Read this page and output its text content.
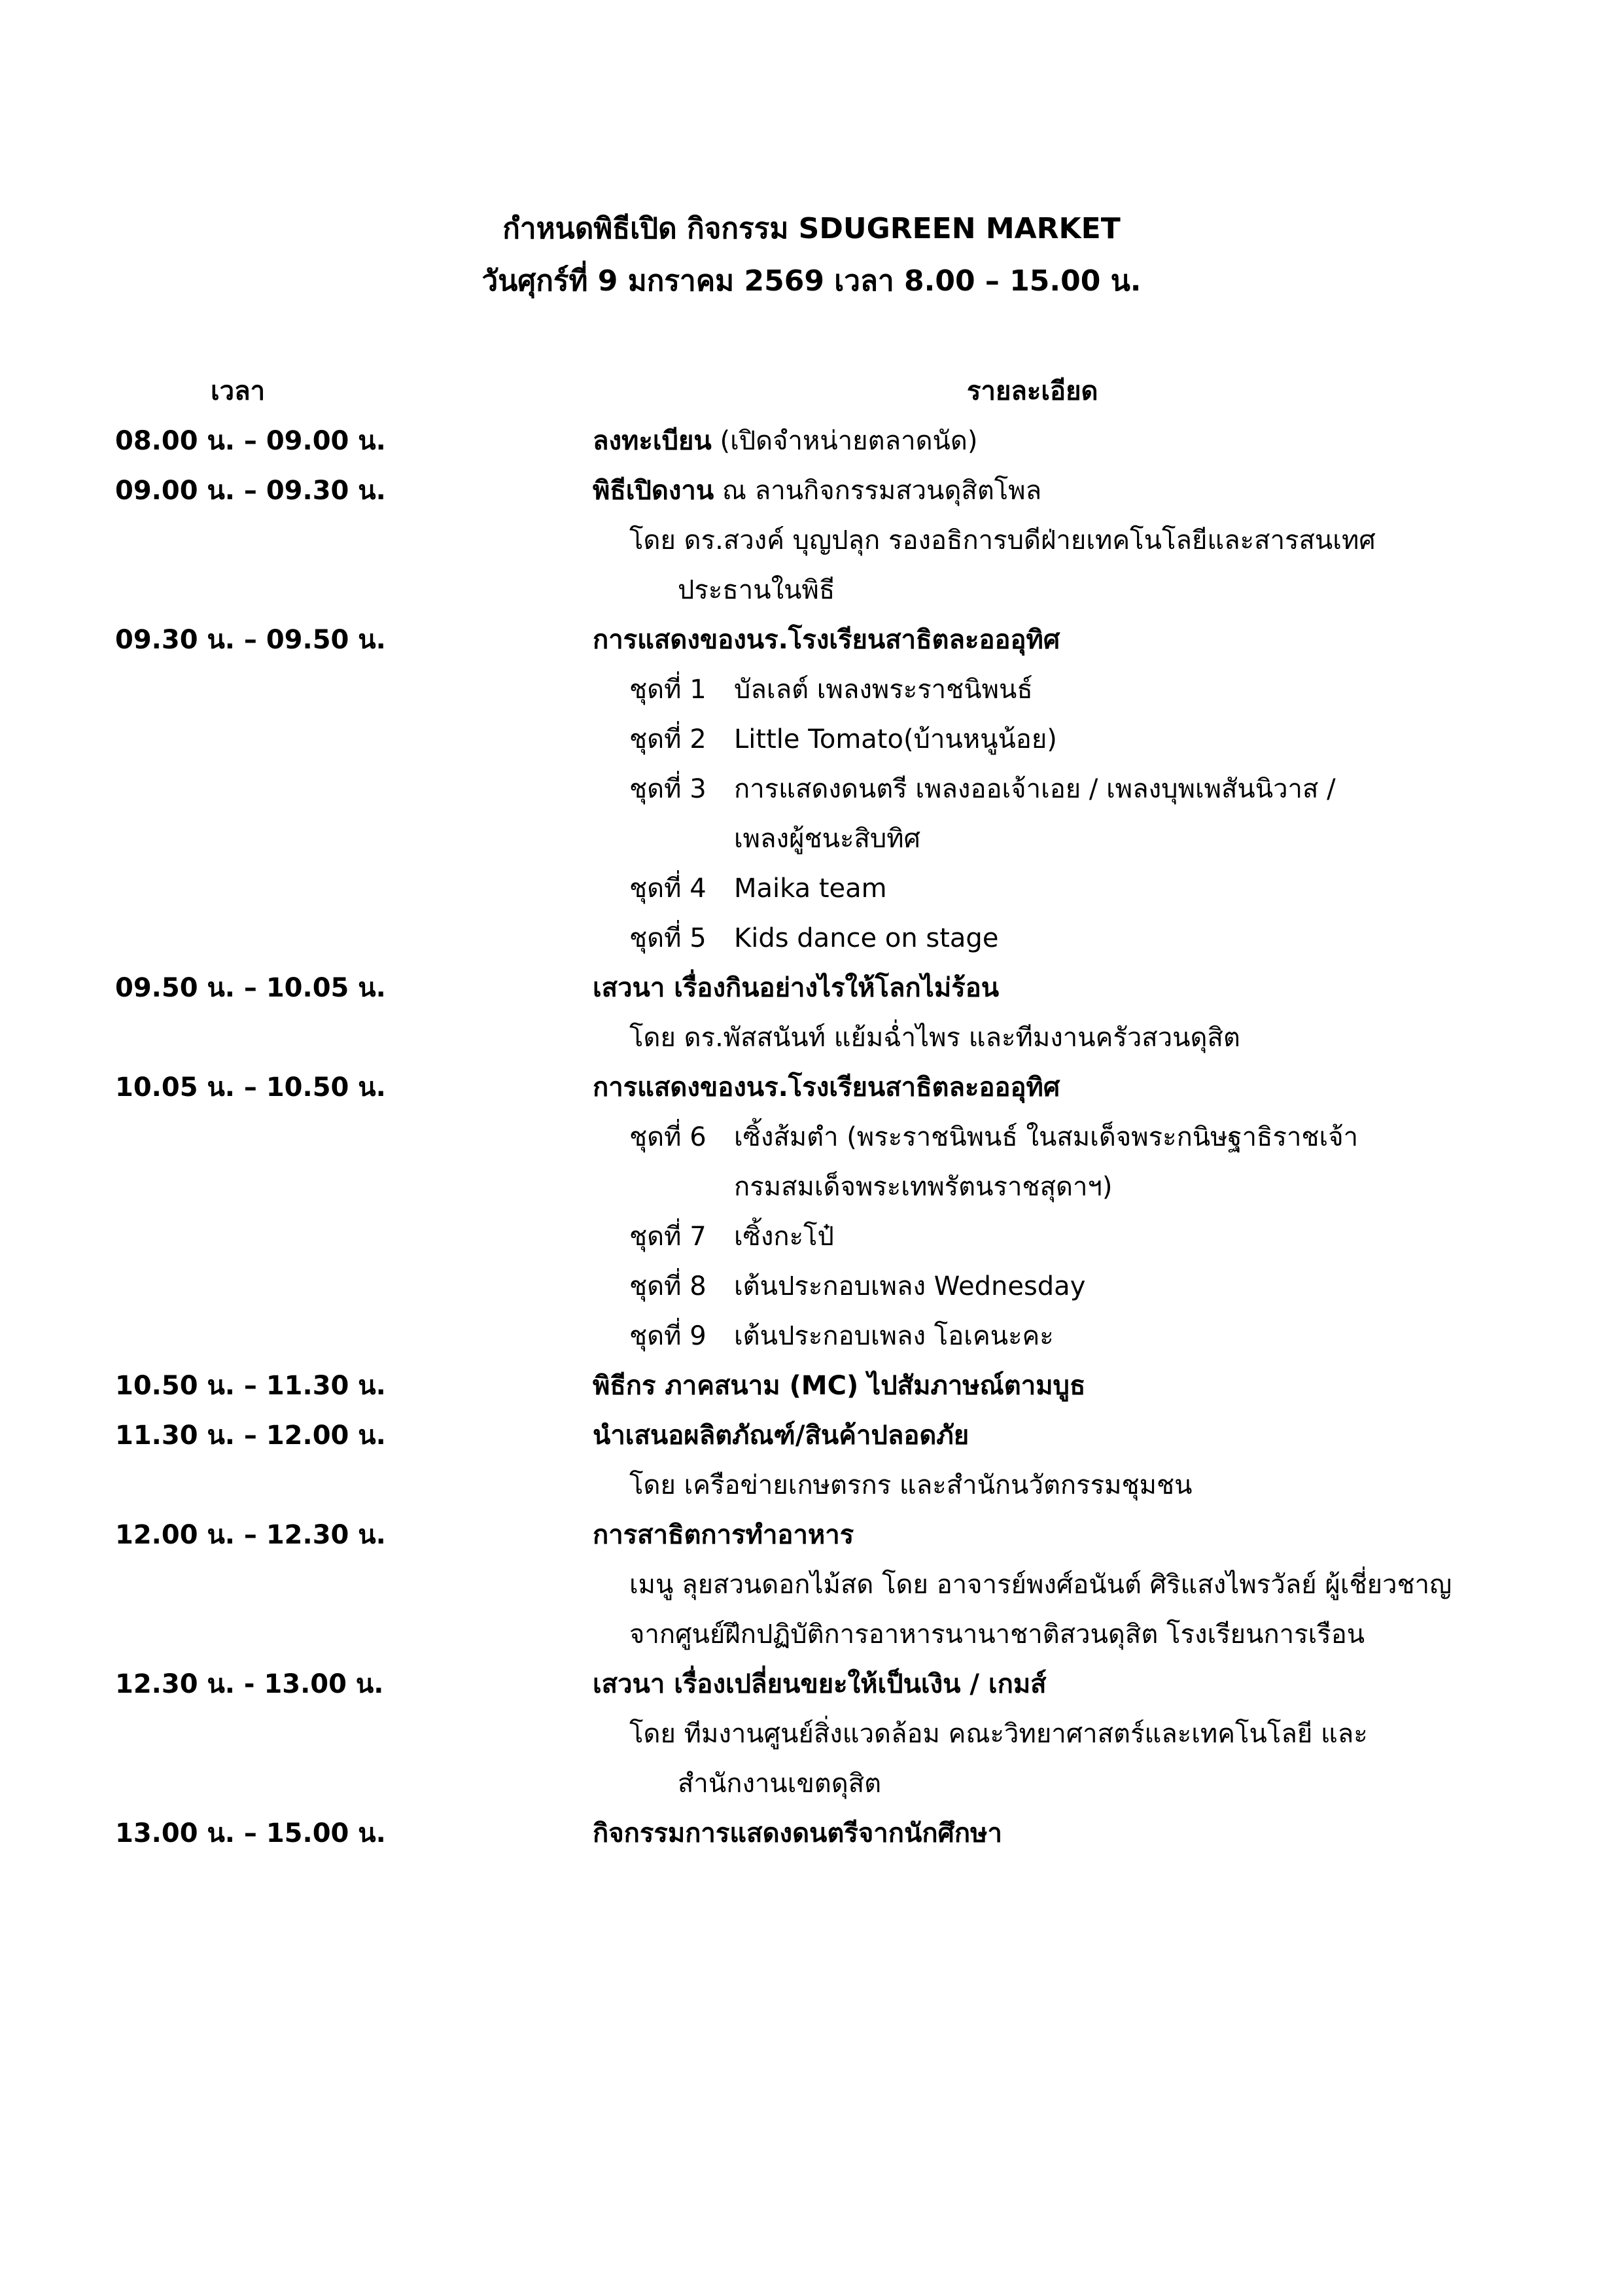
กำหนดพิธีเปิด กิจกรรม SDUGREEN MARKET
วันศุกร์ที่ 9 มกราคม 2569 เวลา 8.00 – 15.00 น.
เวลา	รายละเอียด
08.00 น. – 09.00 น.	ลงทะเบียน (เปิดจำหน่ายตลาดนัด)
09.00 น. – 09.30 น.	พิธีเปิดงาน ณ ลานกิจกรรมสวนดุสิตโพล
โดย ดร.สวงค์ บุญปลุก รองอธิการบดีฝ่ายเทคโนโลยีและสารสนเทศ
ประธานในพิธี
09.30 น. – 09.50 น.	การแสดงของนร.โรงเรียนสาธิตละอออุทิศ
ชุดที่ 1	บัลเลต์ เพลงพระราชนิพนธ์
ชุดที่ 2	Little Tomato(บ้านหนูน้อย)
ชุดที่ 3	การแสดงดนตรี เพลงออเจ้าเอย / เพลงบุพเพสันนิวาส /
เพลงผู้ชนะสิบทิศ
ชุดที่ 4	Maika team
ชุดที่ 5	Kids dance on stage
09.50 น. – 10.05 น.	เสวนา เรื่องกินอย่างไรให้โลกไม่ร้อน
โดย ดร.พัสสนันท์ แย้มฉ่ำไพร และทีมงานครัวสวนดุสิต
10.05 น. – 10.50 น.	การแสดงของนร.โรงเรียนสาธิตละอออุทิศ
ชุดที่ 6	เซิ้งส้มตำ (พระราชนิพนธ์ ในสมเด็จพระกนิษฐาธิราชเจ้า
กรมสมเด็จพระเทพรัตนราชสุดาฯ)
ชุดที่ 7	เซิ้งกะโป๋
ชุดที่ 8	เต้นประกอบเพลง Wednesday
ชุดที่ 9	เต้นประกอบเพลง โอเคนะคะ
10.50 น. – 11.30 น.	พิธีกร ภาคสนาม (MC) ไปสัมภาษณ์ตามบูธ
11.30 น. – 12.00 น.	นำเสนอผลิตภัณฑ์/สินค้าปลอดภัย
โดย เครือข่ายเกษตรกร และสำนักนวัตกรรมชุมชน
12.00 น. – 12.30 น.	การสาธิตการทำอาหาร
เมนู ลุยสวนดอกไม้สด โดย อาจารย์พงศ์อนันต์ ศิริแสงไพรวัลย์ ผู้เชี่ยวชาญ
จากศูนย์ฝึกปฏิบัติการอาหารนานาชาติสวนดุสิต โรงเรียนการเรือน
12.30 น. - 13.00 น.	เสวนา เรื่องเปลี่ยนขยะให้เป็นเงิน / เกมส์
โดย ทีมงานศูนย์สิ่งแวดล้อม คณะวิทยาศาสตร์และเทคโนโลยี และ
สำนักงานเขตดุสิต
13.00 น. – 15.00 น.	กิจกรรมการแสดงดนตรีจากนักศึกษา
